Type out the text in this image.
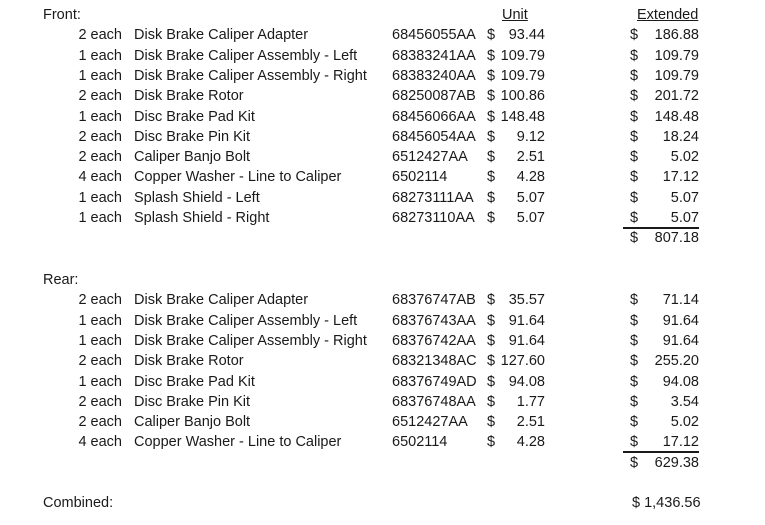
Unit	Extended
Front:
2 each Disk Brake Caliper Adapter	68456055AA $ 93.44	$ 186.88
1 each Disk Brake Caliper Assembly - Left 68383241AA $ 109.79	$ 109.79
1 each Disk Brake Caliper Assembly - Right 68383240AA $ 109.79	$ 109.79
2 each Disk Brake Rotor	68250087AB $ 100.86	$ 201.72
1 each Disc Brake Pad Kit	68456066AA $ 148.48	$ 148.48
2 each Disc Brake Pin Kit	68456054AA $ 9.12	$ 18.24
2 each Caliper Banjo Bolt	6512427AA $ 2.51	$ 5.02
4 each Copper Washer - Line to Caliper	6502114	$ 4.28	$ 17.12
1 each Splash Shield - Left	68273111AA $ 5.07	$ 5.07
1 each Splash Shield - Right	68273110AA $ 5.07	$ 5.07
$ 807.18
Rear:
2 each Disk Brake Caliper Adapter	68376747AB $ 35.57	$ 71.14
1 each Disk Brake Caliper Assembly - Left 68376743AA $ 91.64	$ 91.64
1 each Disk Brake Caliper Assembly - Right 68376742AA $ 91.64	$ 91.64
2 each Disk Brake Rotor	68321348AC $ 127.60	$ 255.20
1 each Disc Brake Pad Kit	68376749AD $ 94.08	$ 94.08
2 each Disc Brake Pin Kit	68376748AA $ 1.77	$ 3.54
2 each Caliper Banjo Bolt	6512427AA $ 2.51	$ 5.02
4 each Copper Washer - Line to Caliper	6502114	$ 4.28	$ 17.12
$ 629.38
Combined:	$ 1,436.56
